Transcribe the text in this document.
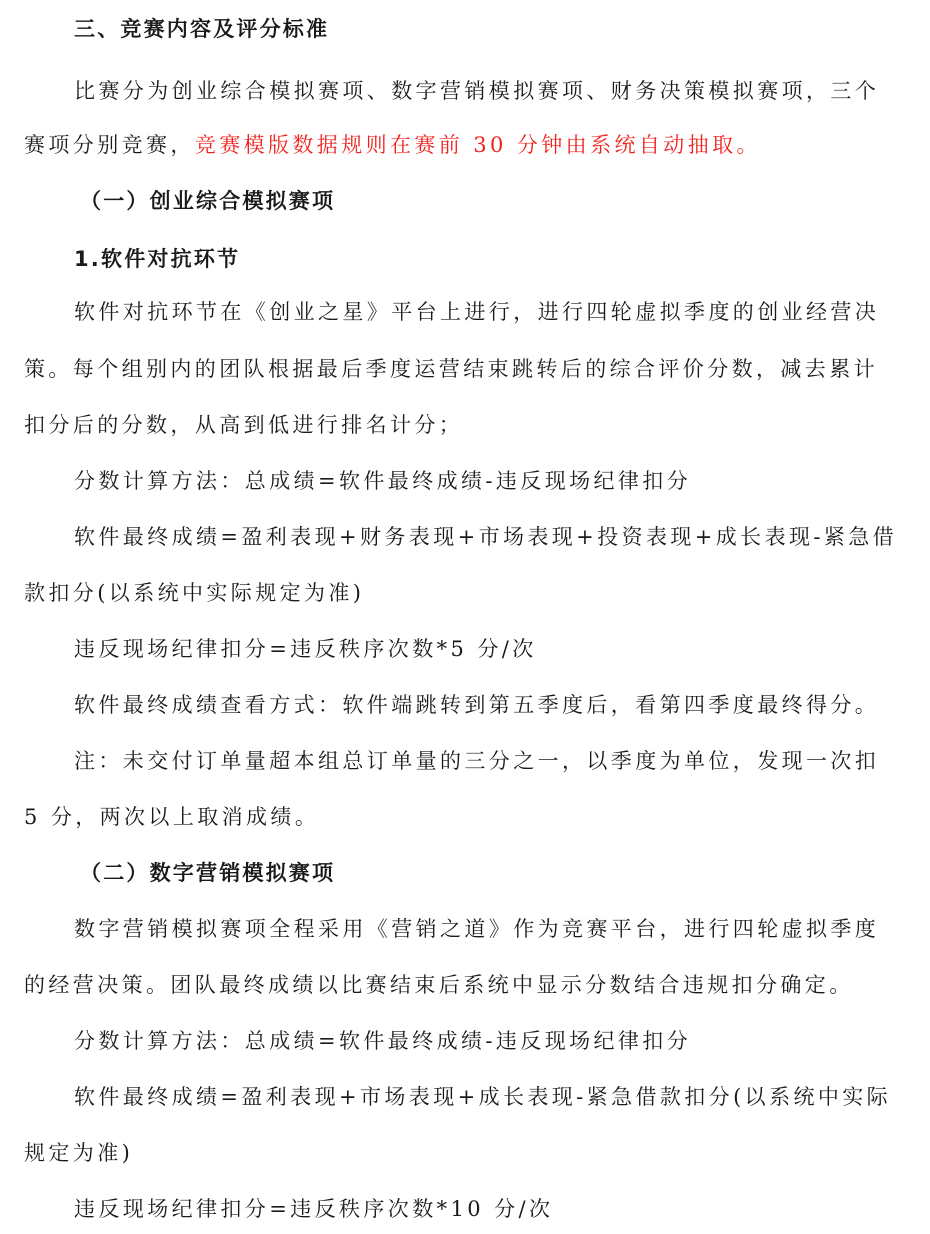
三、竞赛内容及评分标准
比赛分为创业综合模拟赛项、数字营销模拟赛项、财务决策模拟赛项，三个
赛项分别竞赛，竞赛模版数据规则在赛前 30 分钟由系统自动抽取。
（一）创业综合模拟赛项
1.软件对抗环节
软件对抗环节在《创业之星》平台上进行，进行四轮虚拟季度的创业经营决
策。每个组别内的团队根据最后季度运营结束跳转后的综合评价分数，减去累计
扣分后的分数，从高到低进行排名计分；
分数计算方法：总成绩=软件最终成绩-违反现场纪律扣分
软件最终成绩=盈利表现+财务表现+市场表现+投资表现+成长表现-紧急借
款扣分(以系统中实际规定为准)
违反现场纪律扣分=违反秩序次数*5 分/次
软件最终成绩查看方式：软件端跳转到第五季度后，看第四季度最终得分。
注：未交付订单量超本组总订单量的三分之一，以季度为单位，发现一次扣
5 分，两次以上取消成绩。
（二）数字营销模拟赛项
数字营销模拟赛项全程采用《营销之道》作为竞赛平台，进行四轮虚拟季度
的经营决策。团队最终成绩以比赛结束后系统中显示分数结合违规扣分确定。
分数计算方法：总成绩=软件最终成绩-违反现场纪律扣分
软件最终成绩=盈利表现+市场表现+成长表现-紧急借款扣分(以系统中实际
规定为准)
违反现场纪律扣分=违反秩序次数*10 分/次
